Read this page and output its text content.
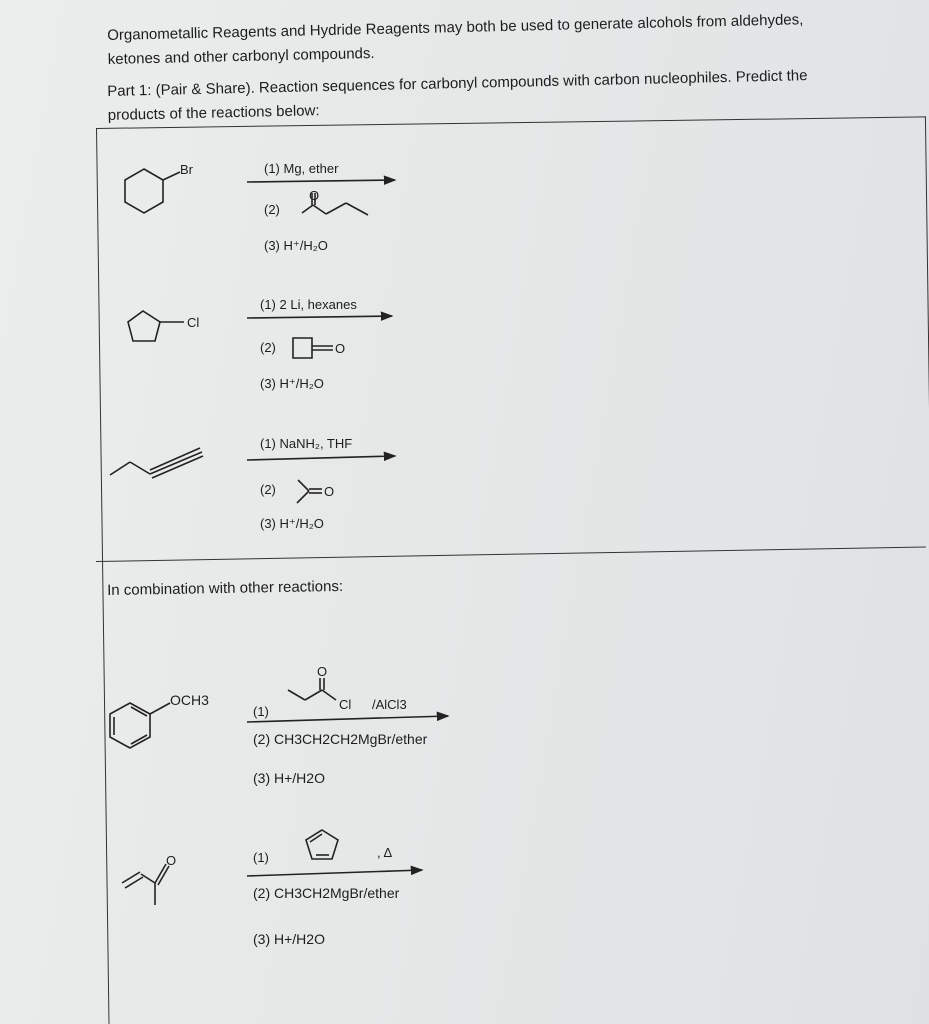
Organometallic Reagents and Hydride Reagents may both be used to generate alcohols from aldehydes,
ketones and other carbonyl compounds.
Part 1: (Pair & Share). Reaction sequences for carbonyl compounds with carbon nucleophiles. Predict the
products of the reactions below:
In combination with other reactions:
Br	(1) Mg, ether
(2)
O
(3) H⁺/H₂O
Cl
(1) 2 Li, hexanes
(2)	O
(3) H⁺/H₂O
(1) NaNH₂, THF
(2)	O
(3) H⁺/H₂O
OCH3
(1)
O
Cl /AlCl3
(2) CH3CH2CH2MgBr/ether
(3) H+/H2O
O	(1)	, Δ
(2) CH3CH2MgBr/ether
(3) H+/H2O
